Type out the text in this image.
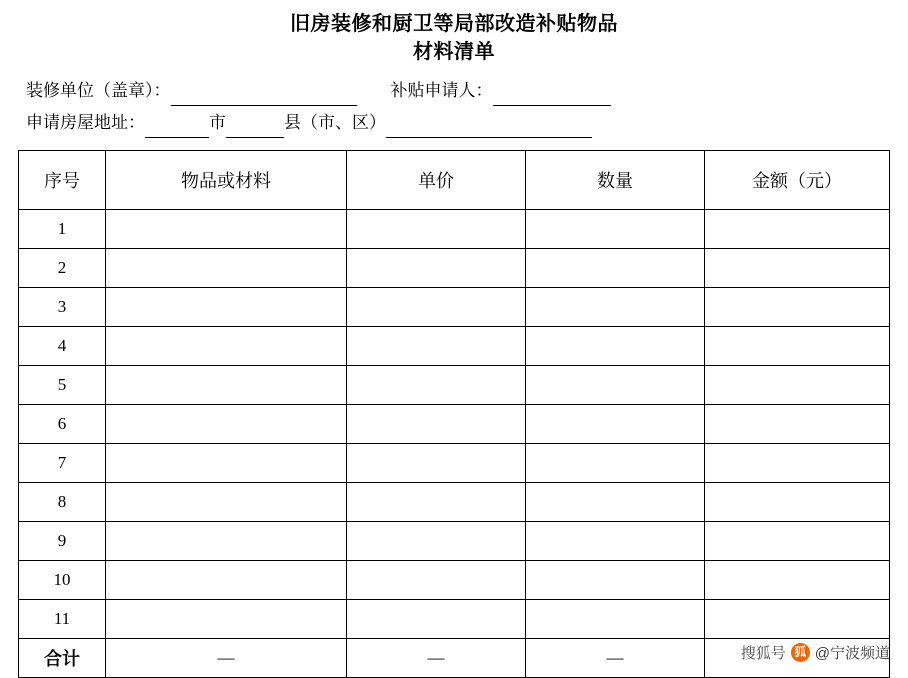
旧房装修和厨卫等局部改造补贴物品
材料清单
装修单位（盖章）：	补贴申请人：
申请房屋地址：	市	县（市、区）
序号	物品或材料	单价	数量	金额（元）
1				
2				
3				
4				
5				
6				
7				
8				
9				
10				
11				
合计	—	—	—		搜狐号 狐 @宁波频道
